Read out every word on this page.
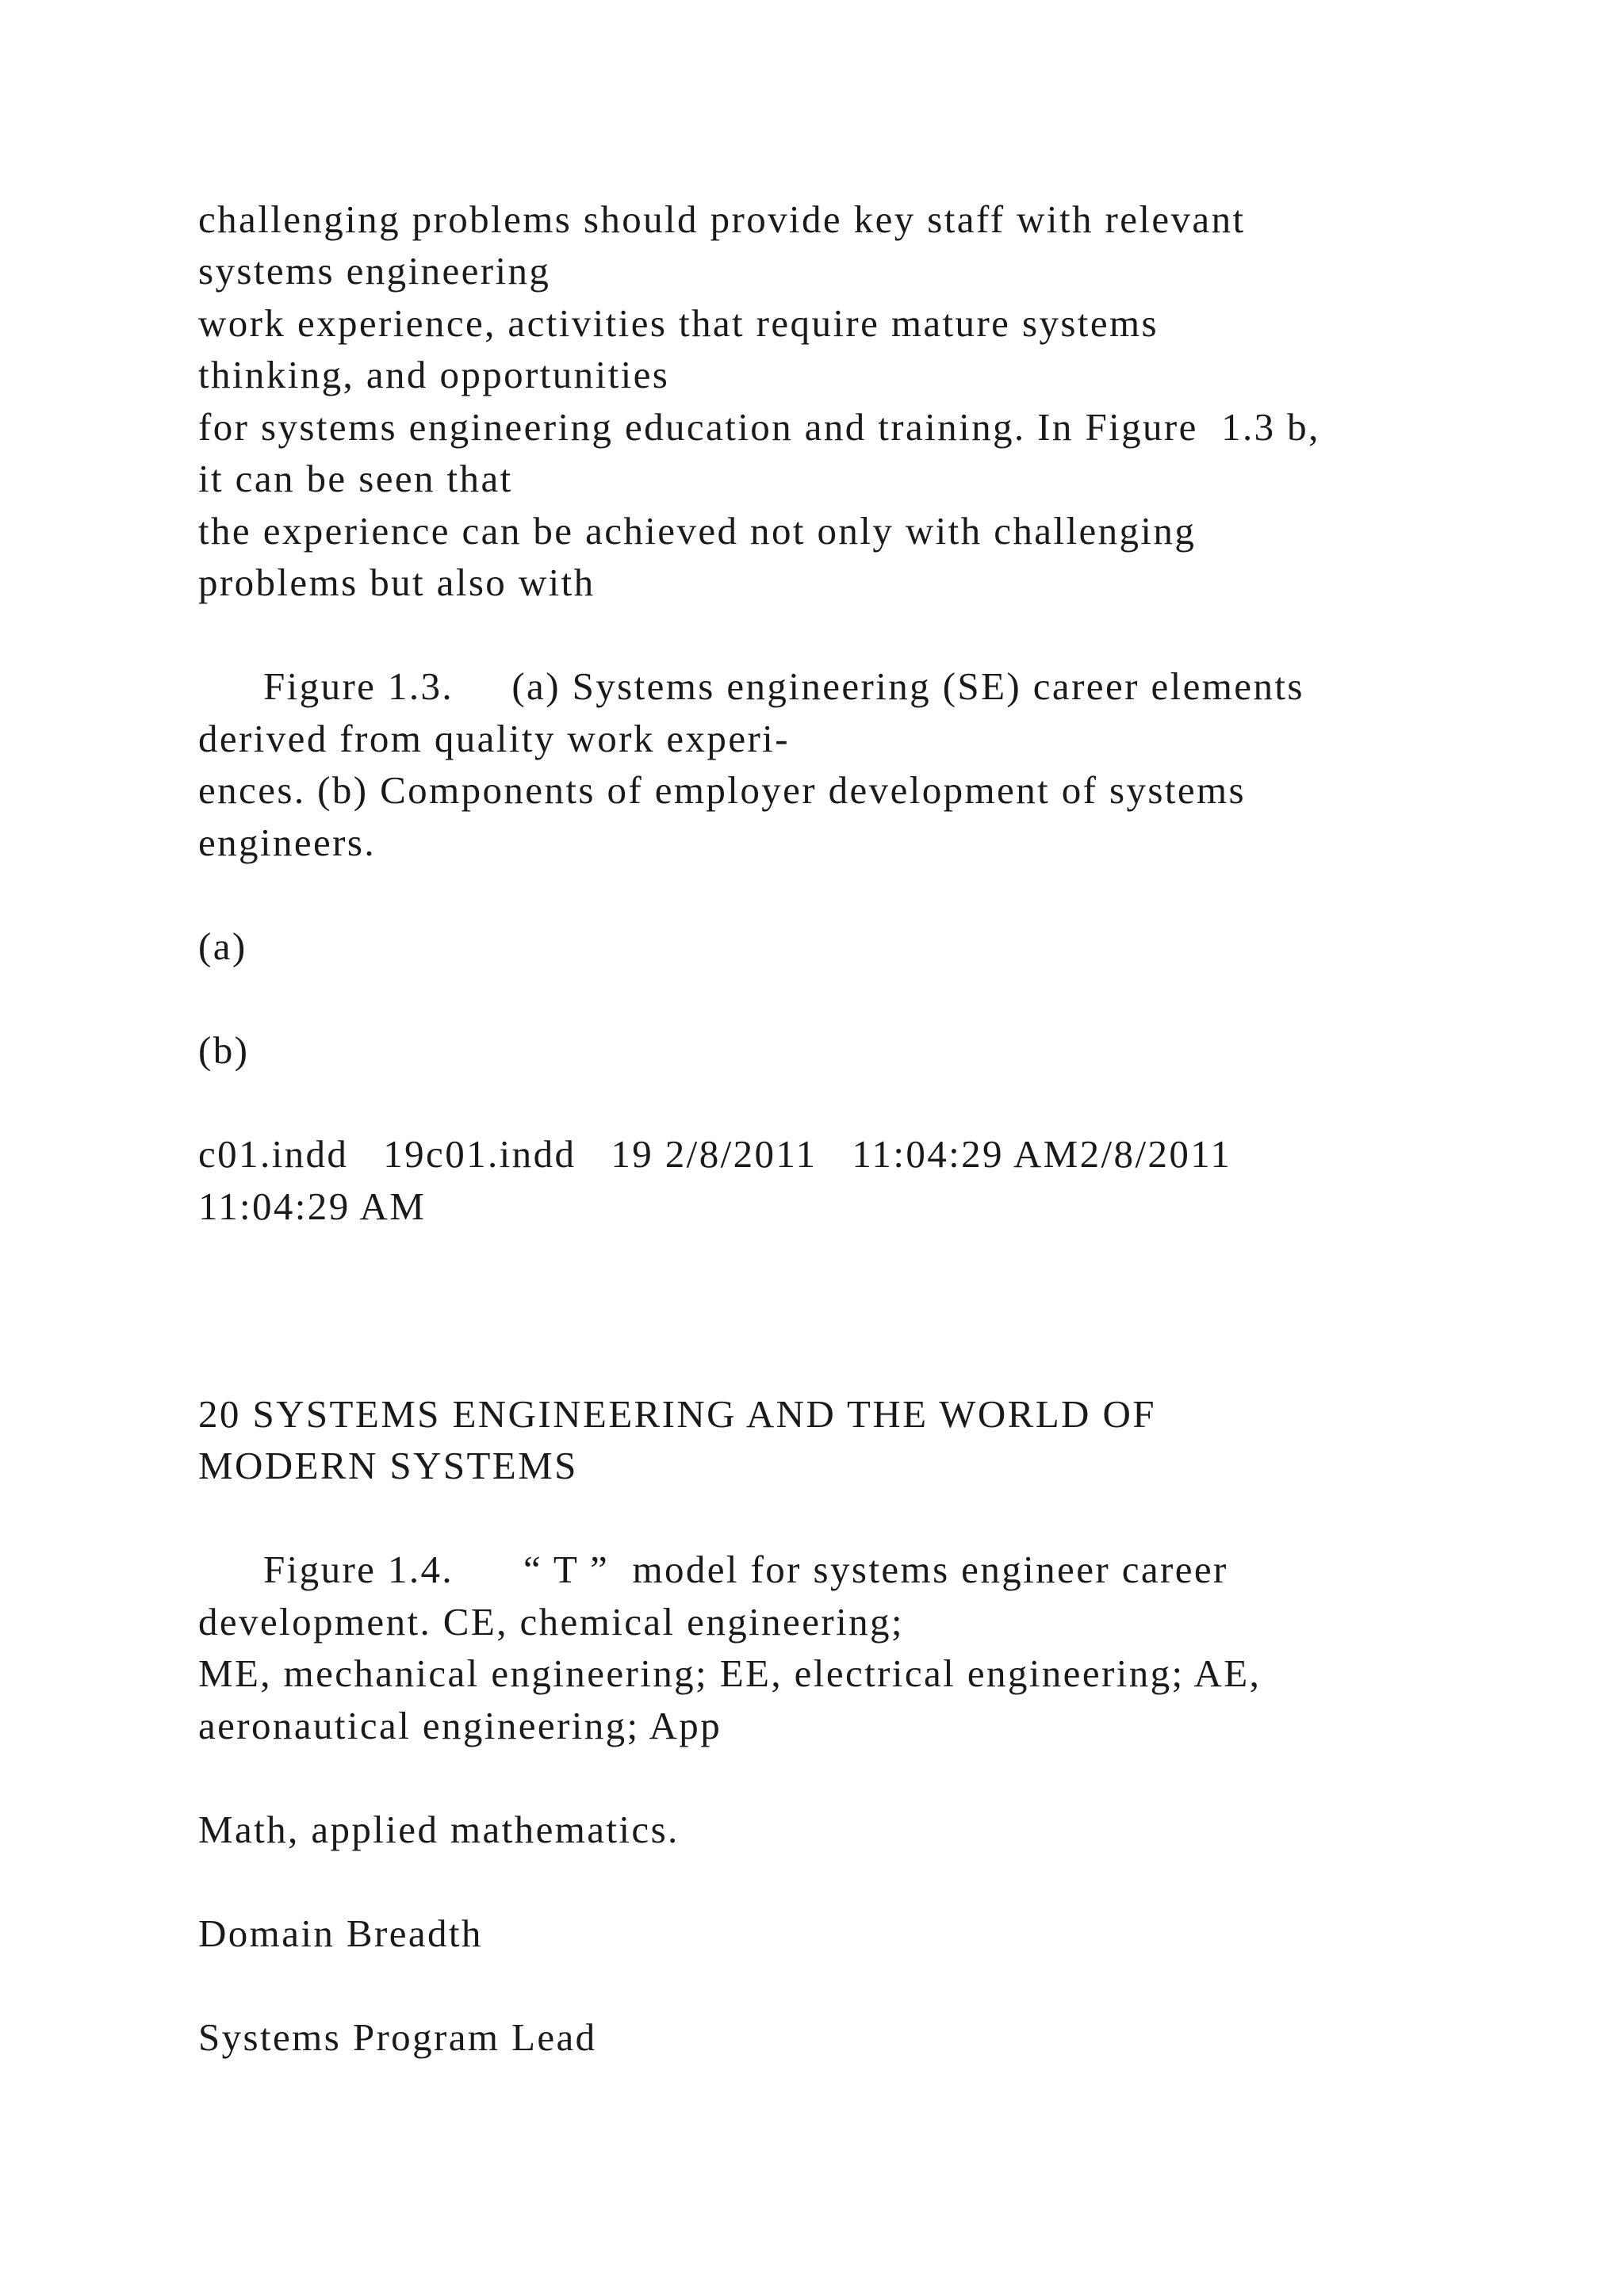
challenging problems should provide key staff with relevant

systems engineering

work experience, activities that require mature systems

thinking, and opportunities

for systems engineering education and training. In Figure  1.3 b,

it can be seen that

the experience can be achieved not only with challenging

problems but also with

Figure 1.3.     (a) Systems engineering (SE) career elements

derived from quality work experi-

ences. (b) Components of employer development of systems

engineers.

(a)

(b)

c01.indd   19c01.indd   19 2/8/2011   11:04:29 AM2/8/2011

11:04:29 AM

20 SYSTEMS ENGINEERING AND THE WORLD OF

MODERN SYSTEMS

Figure 1.4.      “ T ”  model for systems engineer career

development. CE, chemical engineering;

ME, mechanical engineering; EE, electrical engineering; AE,

aeronautical engineering; App

Math, applied mathematics.

Domain Breadth

Systems Program Lead
